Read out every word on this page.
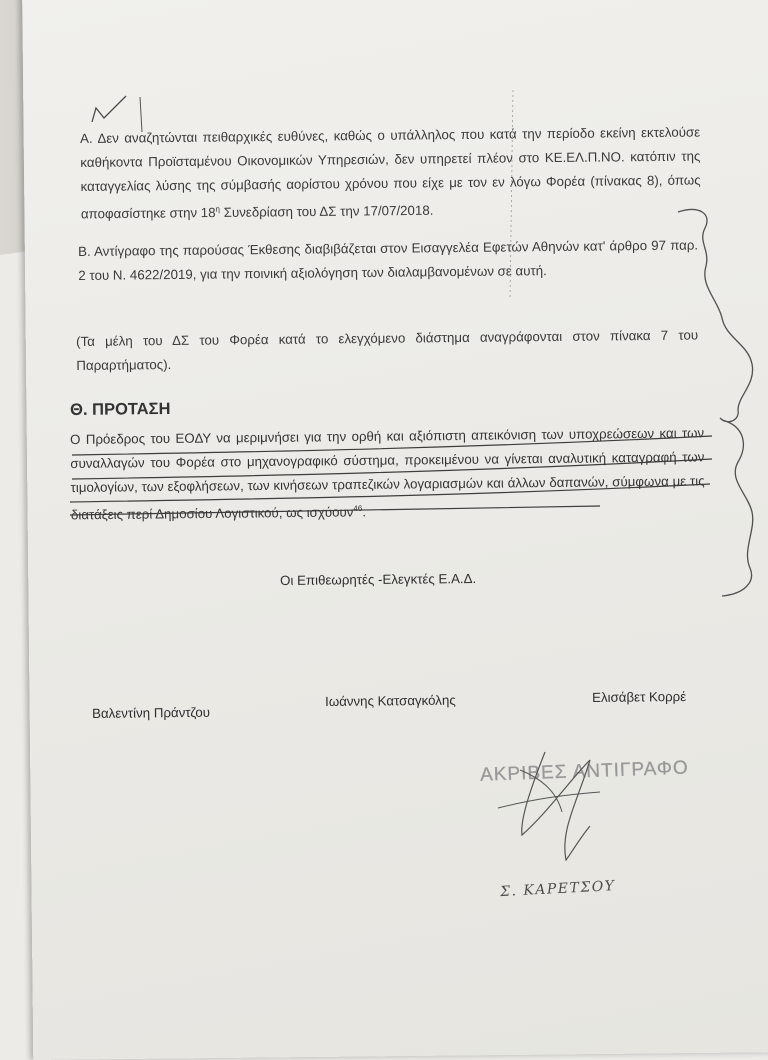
Α. Δεν αναζητώνται πειθαρχικές ευθύνες, καθώς ο υπάλληλος που κατά την περίοδο εκείνη εκτελούσε καθήκοντα Προϊσταμένου Οικονομικών Υπηρεσιών, δεν υπηρετεί πλέον στο ΚΕ.ΕΛ.Π.ΝΟ. κατόπιν της καταγγελίας λύσης της σύμβασής αορίστου χρόνου που είχε με τον εν λόγω Φορέα (πίνακας 8), όπως αποφασίστηκε στην $18^\eta$ Συνεδρίαση του ΔΣ την 17/07/2018.
Β. Αντίγραφο της παρούσας Έκθεσης διαβιβάζεται στον Εισαγγελέα Εφετών Αθηνών κατ' άρθρο 97 παρ. 2 του Ν. 4622/2019, για την ποινική αξιολόγηση των διαλαμβανομένων σε αυτή.
(Τα μέλη του ΔΣ του Φορέα κατά το ελεγχόμενο διάστημα αναγράφονται στον πίνακα 7 του Παραρτήματος).
Θ. ΠΡΟΤΑΣΗ
Ο Πρόεδρος του ΕΟΔΥ να μεριμνήσει για την ορθή και αξιόπιστη απεικόνιση των υποχρεώσεων και των συναλλαγών του Φορέα στο μηχανογραφικό σύστημα, προκειμένου να γίνεται αναλυτική καταγραφή των τιμολογίων, των εξοφλήσεων, των κινήσεων τραπεζικών λογαριασμών και άλλων δαπανών, σύμφωνα με τις διατάξεις περί Δημοσίου Λογιστικού, ως ισχύουν$^{46}$.
Οι Επιθεωρητές -Ελεγκτές Ε.Α.Δ.
Βαλεντίνη Πράντζου
Ιωάννης Κατσαγκόλης	Ελισάβετ Κορρέ
ΑΚΡΙΒΕΣ ΑΝΤΙΓΡΑΦΟ
Σ. ΚΑΡΕΤΣΟΥ
